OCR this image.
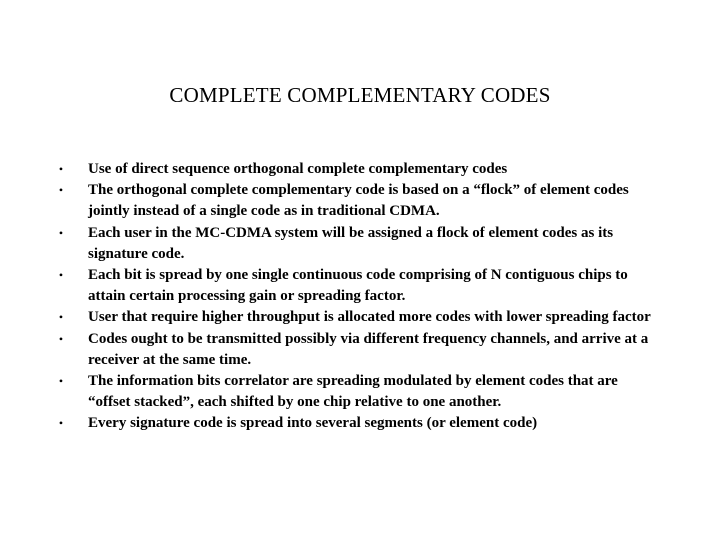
COMPLETE COMPLEMENTARY CODES
• Use of direct sequence orthogonal complete complementary codes
• The orthogonal complete complementary code is based on a “flock” of element codes jointly instead of a single code as in traditional CDMA.
• Each user in the MC-CDMA system will be assigned a flock of element codes as its signature code.
• Each bit is spread by one single continuous code comprising of N contiguous chips to attain certain processing gain or spreading factor.
• User that require higher throughput is allocated more codes with lower spreading factor
• Codes ought to be transmitted possibly via different frequency channels, and arrive at a receiver at the same time.
• The information bits correlator are spreading modulated by element codes that are “offset stacked”, each shifted by one chip relative to one another.
• Every signature code is spread into several segments (or element code)
